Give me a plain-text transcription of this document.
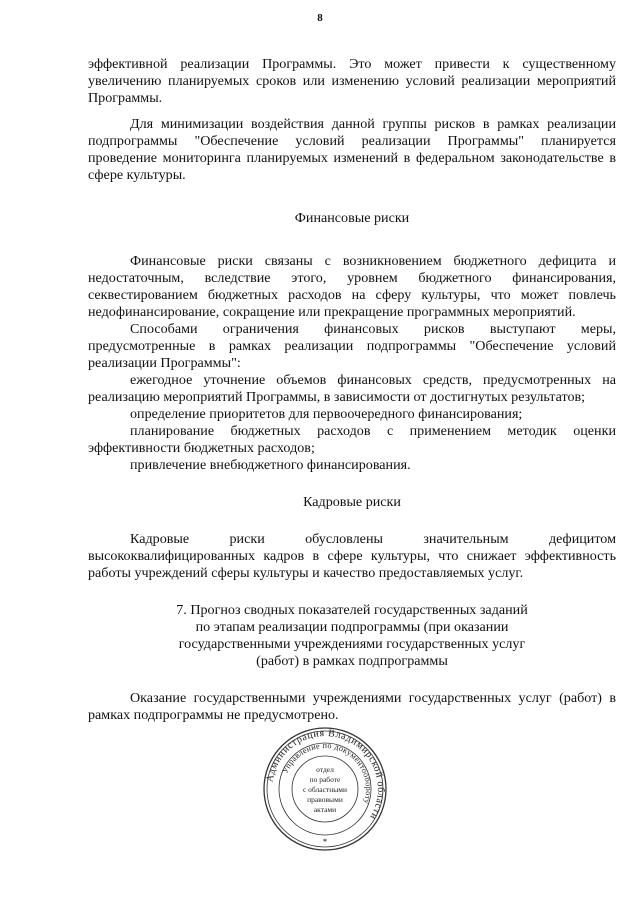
8

эффективной реализации Программы. Это может привести к существенному увеличению планируемых сроков или изменению условий реализации мероприятий Программы.

Для минимизации воздействия данной группы рисков в рамках реализации подпрограммы "Обеспечение условий реализации Программы" планируется проведение мониторинга планируемых изменений в федеральном законодательстве в сфере культуры.

Финансовые риски

Финансовые риски связаны с возникновением бюджетного дефицита и недостаточным, вследствие этого, уровнем бюджетного финансирования, секвестированием бюджетных расходов на сферу культуры, что может повлечь недофинансирование, сокращение или прекращение программных мероприятий.

Способами ограничения финансовых рисков выступают меры, предусмотренные в рамках реализации подпрограммы "Обеспечение условий реализации Программы":

ежегодное уточнение объемов финансовых средств, предусмотренных на реализацию мероприятий Программы, в зависимости от достигнутых результатов;

определение приоритетов для первоочередного финансирования;

планирование бюджетных расходов с применением методик оценки эффективности бюджетных расходов;

привлечение внебюджетного финансирования.

Кадровые риски

Кадровые риски обусловлены значительным дефицитом высококвалифицированных кадров в сфере культуры, что снижает эффективность работы учреждений сферы культуры и качество предоставляемых услуг.

7. Прогноз сводных показателей государственных заданий
по этапам реализации подпрограммы (при оказании
государственными учреждениями государственных услуг
(работ) в рамках подпрограммы

Оказание государственными учреждениями государственных услуг (работ) в рамках подпрограммы не предусмотрено.

Администрация Владимирской области
Управление по документообороту
отдел
по работе
с областными
правовыми
актами
*
